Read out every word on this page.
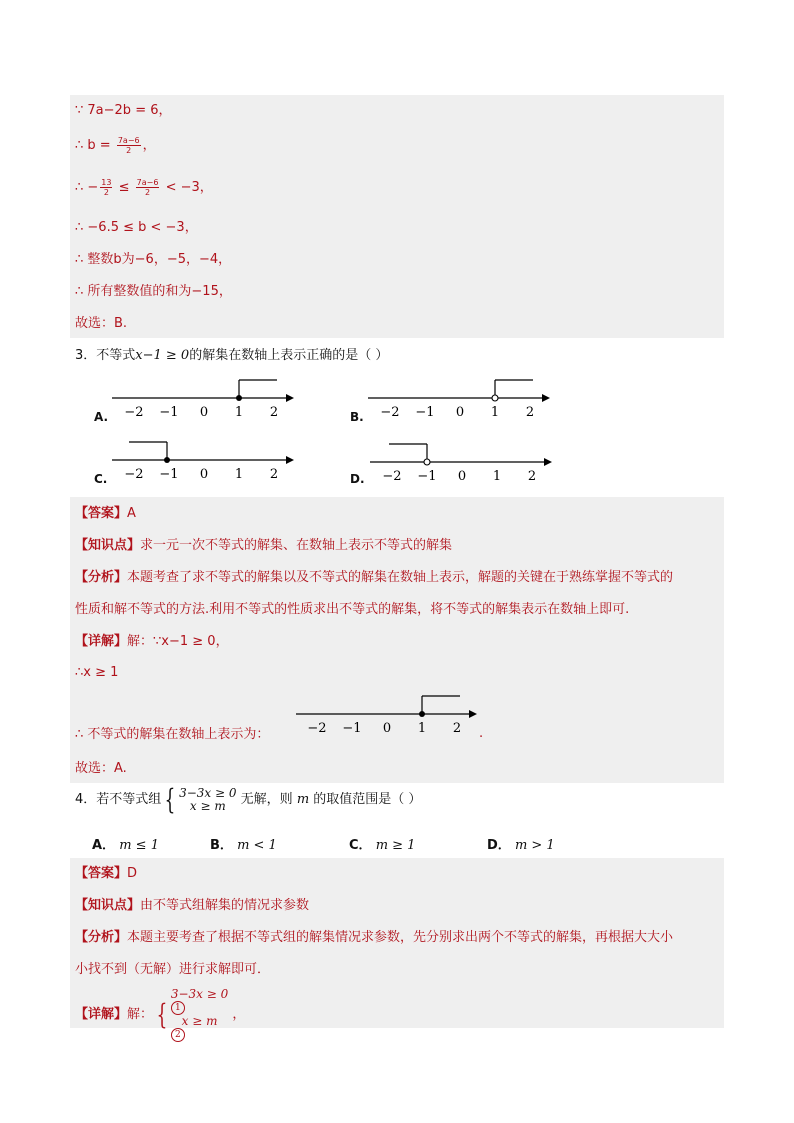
∵ 7a−2b = 6，
∴ $b = \frac{7a-6}{2}$ ，
∴ − $\frac{13}{2} \le \frac{7a-6}{2} < -3$，
∴ −6.5 ≤ b < −3，
∴ 整数b为−6，−5，−4，
∴ 所有整数值的和为−15，
故选：B.
3．不等式x−1 ≥ 0的解集在数轴上表示正确的是（ ）
A.	B.
C.	D.
−2 −1 0 1 2	−2 −1 0 1 2
−2 −1 0 1 2	−2 −1 0 1 2
【答案】A
【知识点】求一元一次不等式的解集、在数轴上表示不等式的解集
【分析】本题考查了求不等式的解集以及不等式的解集在数轴上表示，解题的关键在于熟练掌握不等式的
性质和解不等式的方法.利用不等式的性质求出不等式的解集，将不等式的解集表示在数轴上即可.
【详解】解：∵x−1 ≥ 0，
∴x ≥ 1
∴ 不等式的解集在数轴上表示为：	.
−2 −1 0 1 2
故选：A.
4．若不等式组 { 3−3x ≥ 0
x ≥ m	无解，则 m 的取值范围是（ ）
A． m ≤ 1	B． m < 1	C． m ≥ 1	D． m > 1
【答案】D
【知识点】由不等式组解集的情况求参数
【分析】本题主要考查了根据不等式组的解集情况求参数，先分别求出两个不等式的解集，再根据大大小
小找不到（无解）进行求解即可．
【详解】解： {
3−3x ≥ 0
1
x ≥ m
2
，
